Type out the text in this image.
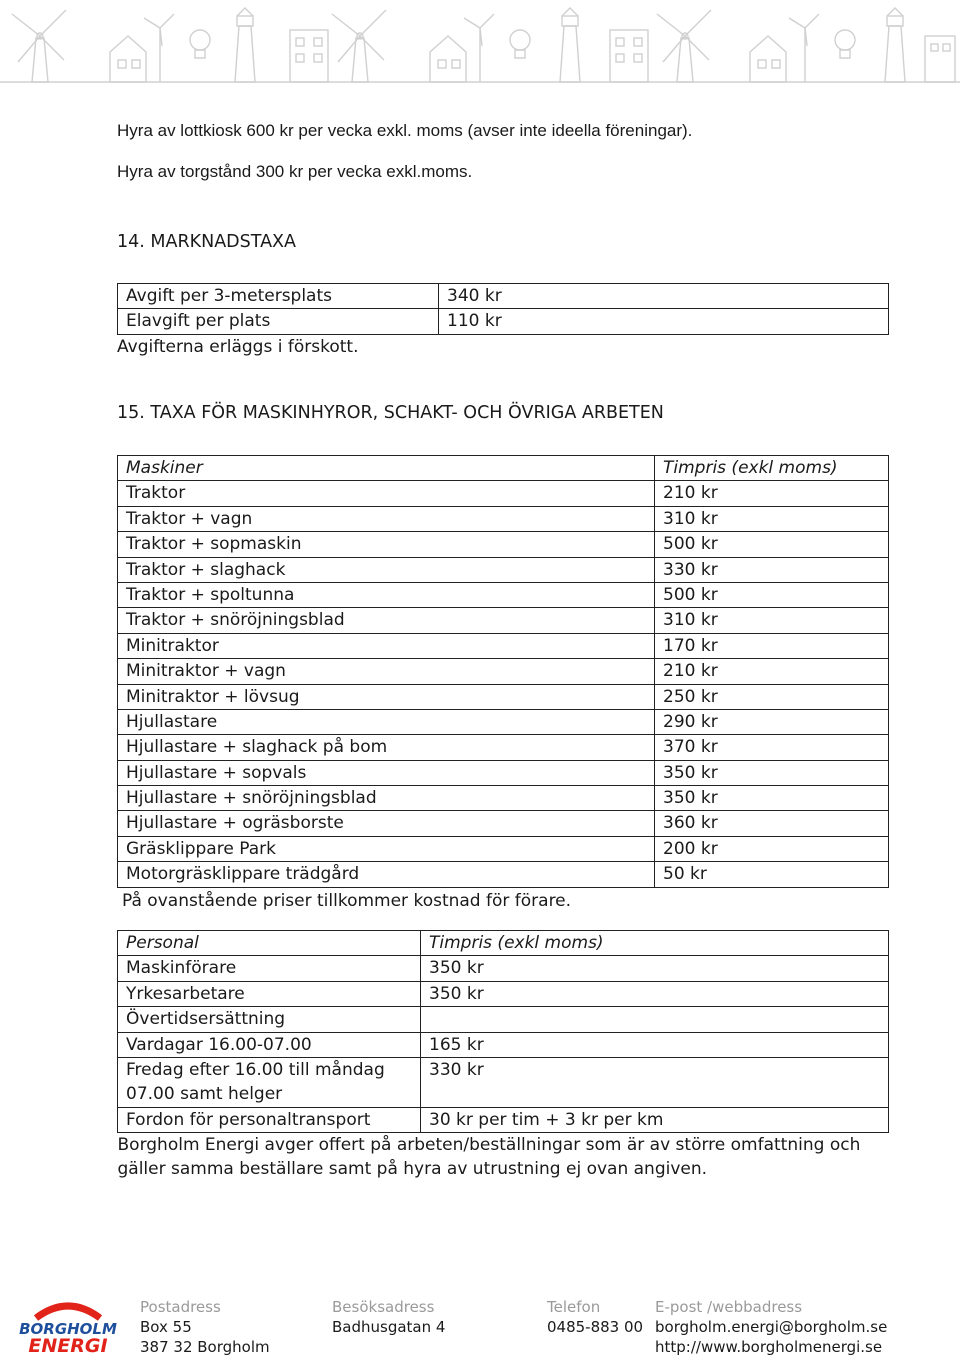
Hyra av lottkiosk 600 kr per vecka exkl. moms (avser inte ideella föreningar).
Hyra av torgstånd 300 kr per vecka exkl.moms.
14. MARKNADSTAXA
Avgift per 3-metersplats	340 kr
Elavgift per plats	110 kr
Avgifterna erläggs i förskott.
15. TAXA FÖR MASKINHYROR, SCHAKT- OCH ÖVRIGA ARBETEN
Maskiner	Timpris (exkl moms)
Traktor	210 kr
Traktor + vagn	310 kr
Traktor + sopmaskin	500 kr
Traktor + slaghack	330 kr
Traktor + spoltunna	500 kr
Traktor + snöröjningsblad	310 kr
Minitraktor	170 kr
Minitraktor + vagn	210 kr
Minitraktor + lövsug	250 kr
Hjullastare	290 kr
Hjullastare + slaghack på bom	370 kr
Hjullastare + sopvals	350 kr
Hjullastare + snöröjningsblad	350 kr
Hjullastare + ogräsborste	360 kr
Gräsklippare Park	200 kr
Motorgräsklippare trädgård	50 kr
På ovanstående priser tillkommer kostnad för förare.
Personal	Timpris (exkl moms)
Maskinförare	350 kr
Yrkesarbetare	350 kr
Övertidsersättning	
Vardagar 16.00-07.00	165 kr
Fredag efter 16.00 till måndag
07.00 samt helger	330 kr
Fordon för personaltransport	30 kr per tim + 3 kr per km
Borgholm Energi avger offert på arbeten/beställningar som är av större omfattning och
gäller samma beställare samt på hyra av utrustning ej ovan angiven.	
BORGHOLM
ENERGI
Postadress
Box 55
387 32 Borgholm
Besöksadress
Badhusgatan 4
Telefon
0485-883 00
E-post /webbadress
borgholm.energi@borgholm.se
http://www.borgholmenergi.se
